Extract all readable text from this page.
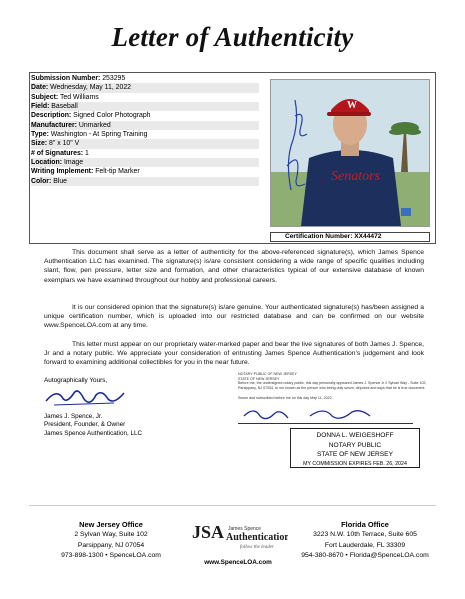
Letter of Authenticity
Submission Number: 253295
Date: Wednesday, May 11, 2022
Subject: Ted Williams
Field: Baseball
Description: Signed Color Photograph
Manufacturer: Unmarked
Type: Washington - At Spring Training
Size: 8" x 10" V
# of Signatures: 1
Location: Image
Writing Implement: Felt-tip Marker
Color: Blue
W
Senators
Certification Number: XX44472
This document shall serve as a letter of authenticity for the above-referenced signature(s), which James Spence Authentication LLC has examined. The signature(s) is/are consistent considering a wide range of specific qualities including slant, flow, pen pressure, letter size and formation, and other characteristics typical of our extensive database of known exemplars we have examined throughout our hobby and professional careers.
It is our considered opinion that the signature(s) is/are genuine. Your authenticated signature(s) has/been assigned a unique certification number, which is uploaded into our restricted database and can be confirmed on our website www.SpenceLOA.com at any time.
This letter must appear on our proprietary water-marked paper and bear the live signatures of both James J. Spence, Jr and a notary public. We appreciate your consideration of entrusting James Spence Authentication's judgement and look forward to examining additional collectibles for you in the near future.
Autographically Yours,
James J. Spence, Jr.
President, Founder, & Owner
James Spence Authentication, LLC
NOTARY PUBLIC OF NEW JERSEY
STATE OF NEW JERSEY
Before me, the undersigned notary public, this day personally appeared James J. Spence Jr 2 Sylvan Way - Suite 102, Parsippany, NJ 07054, to me known as the person who being duly sworn, deposes and says that he is true document.
Sworn and subscribed before me on this day May 11, 2022
DONNA L. WEIGESHOFF
NOTARY PUBLIC
STATE OF NEW JERSEY
MY COMMISSION EXPIRES FEB. 26, 2024
New Jersey Office
2 Sylvan Way, Suite 102
Parsippany, NJ 07054
973-898-1300 • SpenceLOA.com
JSA James Spence
Authentication
follow the leader
www.SpenceLOA.com
Florida Office
3223 N.W. 10th Terrace, Suite 605
Fort Lauderdale, FL 33309
954-380-8670 • Florida@SpenceLOA.com
